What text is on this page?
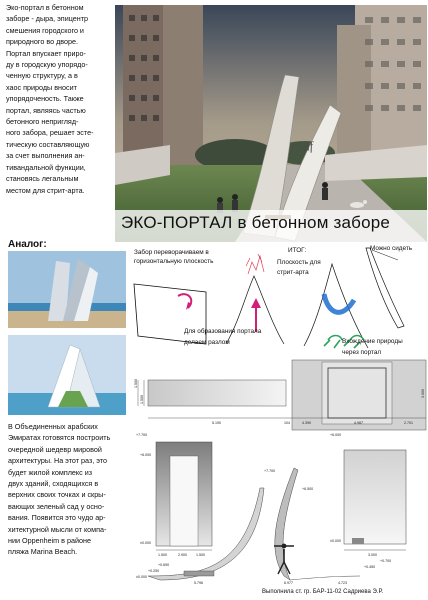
Эко-портал в бетонном
заборе - дыра, эпицентр
смешения городского и
природного во дворе.
Портал впускает приро-
ду в городскую упорядо-
ченную структуру, а в
хаос природы вносит
упорядоченость. Также
портал, являясь частью
бетонного непригляд-
ного забора, решает эсте-
тическую составляющую
за счет выполнения ан-
тивандальной функции,
становясь легальным
местом для стрит-арта.
Graf
ЭКО-ПОРТАЛ в бетонном заборе
Аналог:
В Объединенных арабских
Эмиратах готовятся построить
очередной шедевр мировой
архитектуры. На этот раз, это
будет жилой комплекс из
двух зданий, сходящихся в
верхних своих точках и скры-
вающих зеленый сад у осно-
вания. Появится это чудо ар-
хитектурной мысли от компа-
нии Oppenheim в районе
пляжа Marina Beach.
Забор переворачиваем в
горизонтальную плоскость
Для образования портала
делаем разлом
ИТОГ:
Плоскость для
стрит-арта
Можно сидеть
Вхождение природы
через портал
1.500
1.500
5.190	104	4.390	4.987	2.701
3.000
+6.000
±0.000
+7.700
1.500	2.900	1.500
+7.700
+6.500
+0.690
+0.250
±0.000
+0.450
+0.700
5.796	6.977	4.723
+6.000
±0.000
3.000
Выполнила ст. гр. БАР-11-02 Садриева Э.Р.
